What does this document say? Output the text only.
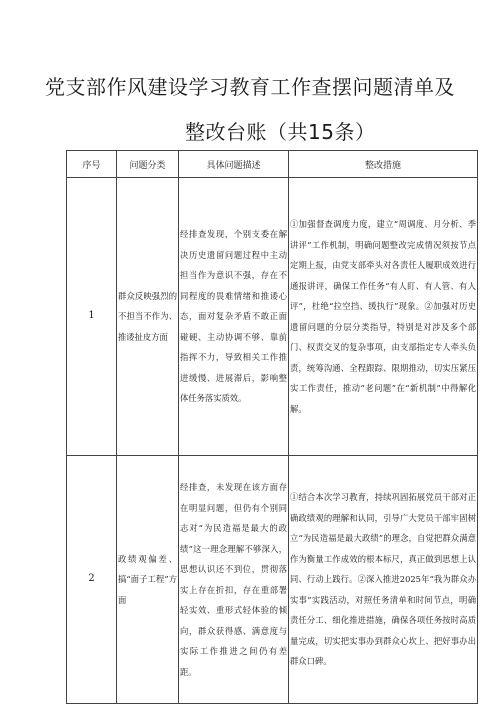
党支部作风建设学习教育工作查摆问题清单及
整改台账（共15条）
序号	问题分类	具体问题描述	整改措施
1	群众反映强烈的不担当不作为、推诿扯皮方面	经排查发现，个别支委在解决历史遗留问题过程中主动担当作为意识不强，存在不同程度的畏难情绪和推诿心态，面对复杂矛盾不敢正面碰硬、主动协调不够、靠前指挥不力，导致相关工作推进缓慢、进展滞后，影响整体任务落实质效。	①加强督查调度力度，建立“周调度、月分析、季讲评”工作机制，明确问题整改完成情况须按节点定期上报，由党支部牵头对各责任人履职成效进行通报讲评，确保工作任务“有人盯、有人管、有人评”，杜绝“拉空挡、缓执行”现象。②加强对历史遗留问题的分层分类指导，特别是对涉及多个部门、权责交叉的复杂事项，由支部指定专人牵头负责，统筹沟通、全程跟踪、限期推动，切实压紧压实工作责任，推动“老问题”在“新机制”中得解化解。

2	政绩观偏差、搞“面子工程”方面	经排查，未发现在该方面存在明显问题，但仍有个别同志对“为民造福是最大的政绩”这一理念理解不够深入，思想认识还不到位，贯彻落实上存在折扣，存在重部署轻实效、重形式轻体验的倾向，群众获得感、满意度与实际工作推进之间仍有差距。	①结合本次学习教育，持续巩固拓展党员干部对正确政绩观的理解和认同，引导广大党员干部牢固树立“为民造福是最大政绩”的理念，自觉把群众满意作为衡量工作成效的根本标尺，真正做到思想上认同、行动上践行。②深入推进2025年“我为群众办实事”实践活动，对照任务清单和时间节点，明确责任分工、细化推进措施，确保各项任务按时高质量完成，切实把实事办到群众心坎上、把好事办出群众口碑。
